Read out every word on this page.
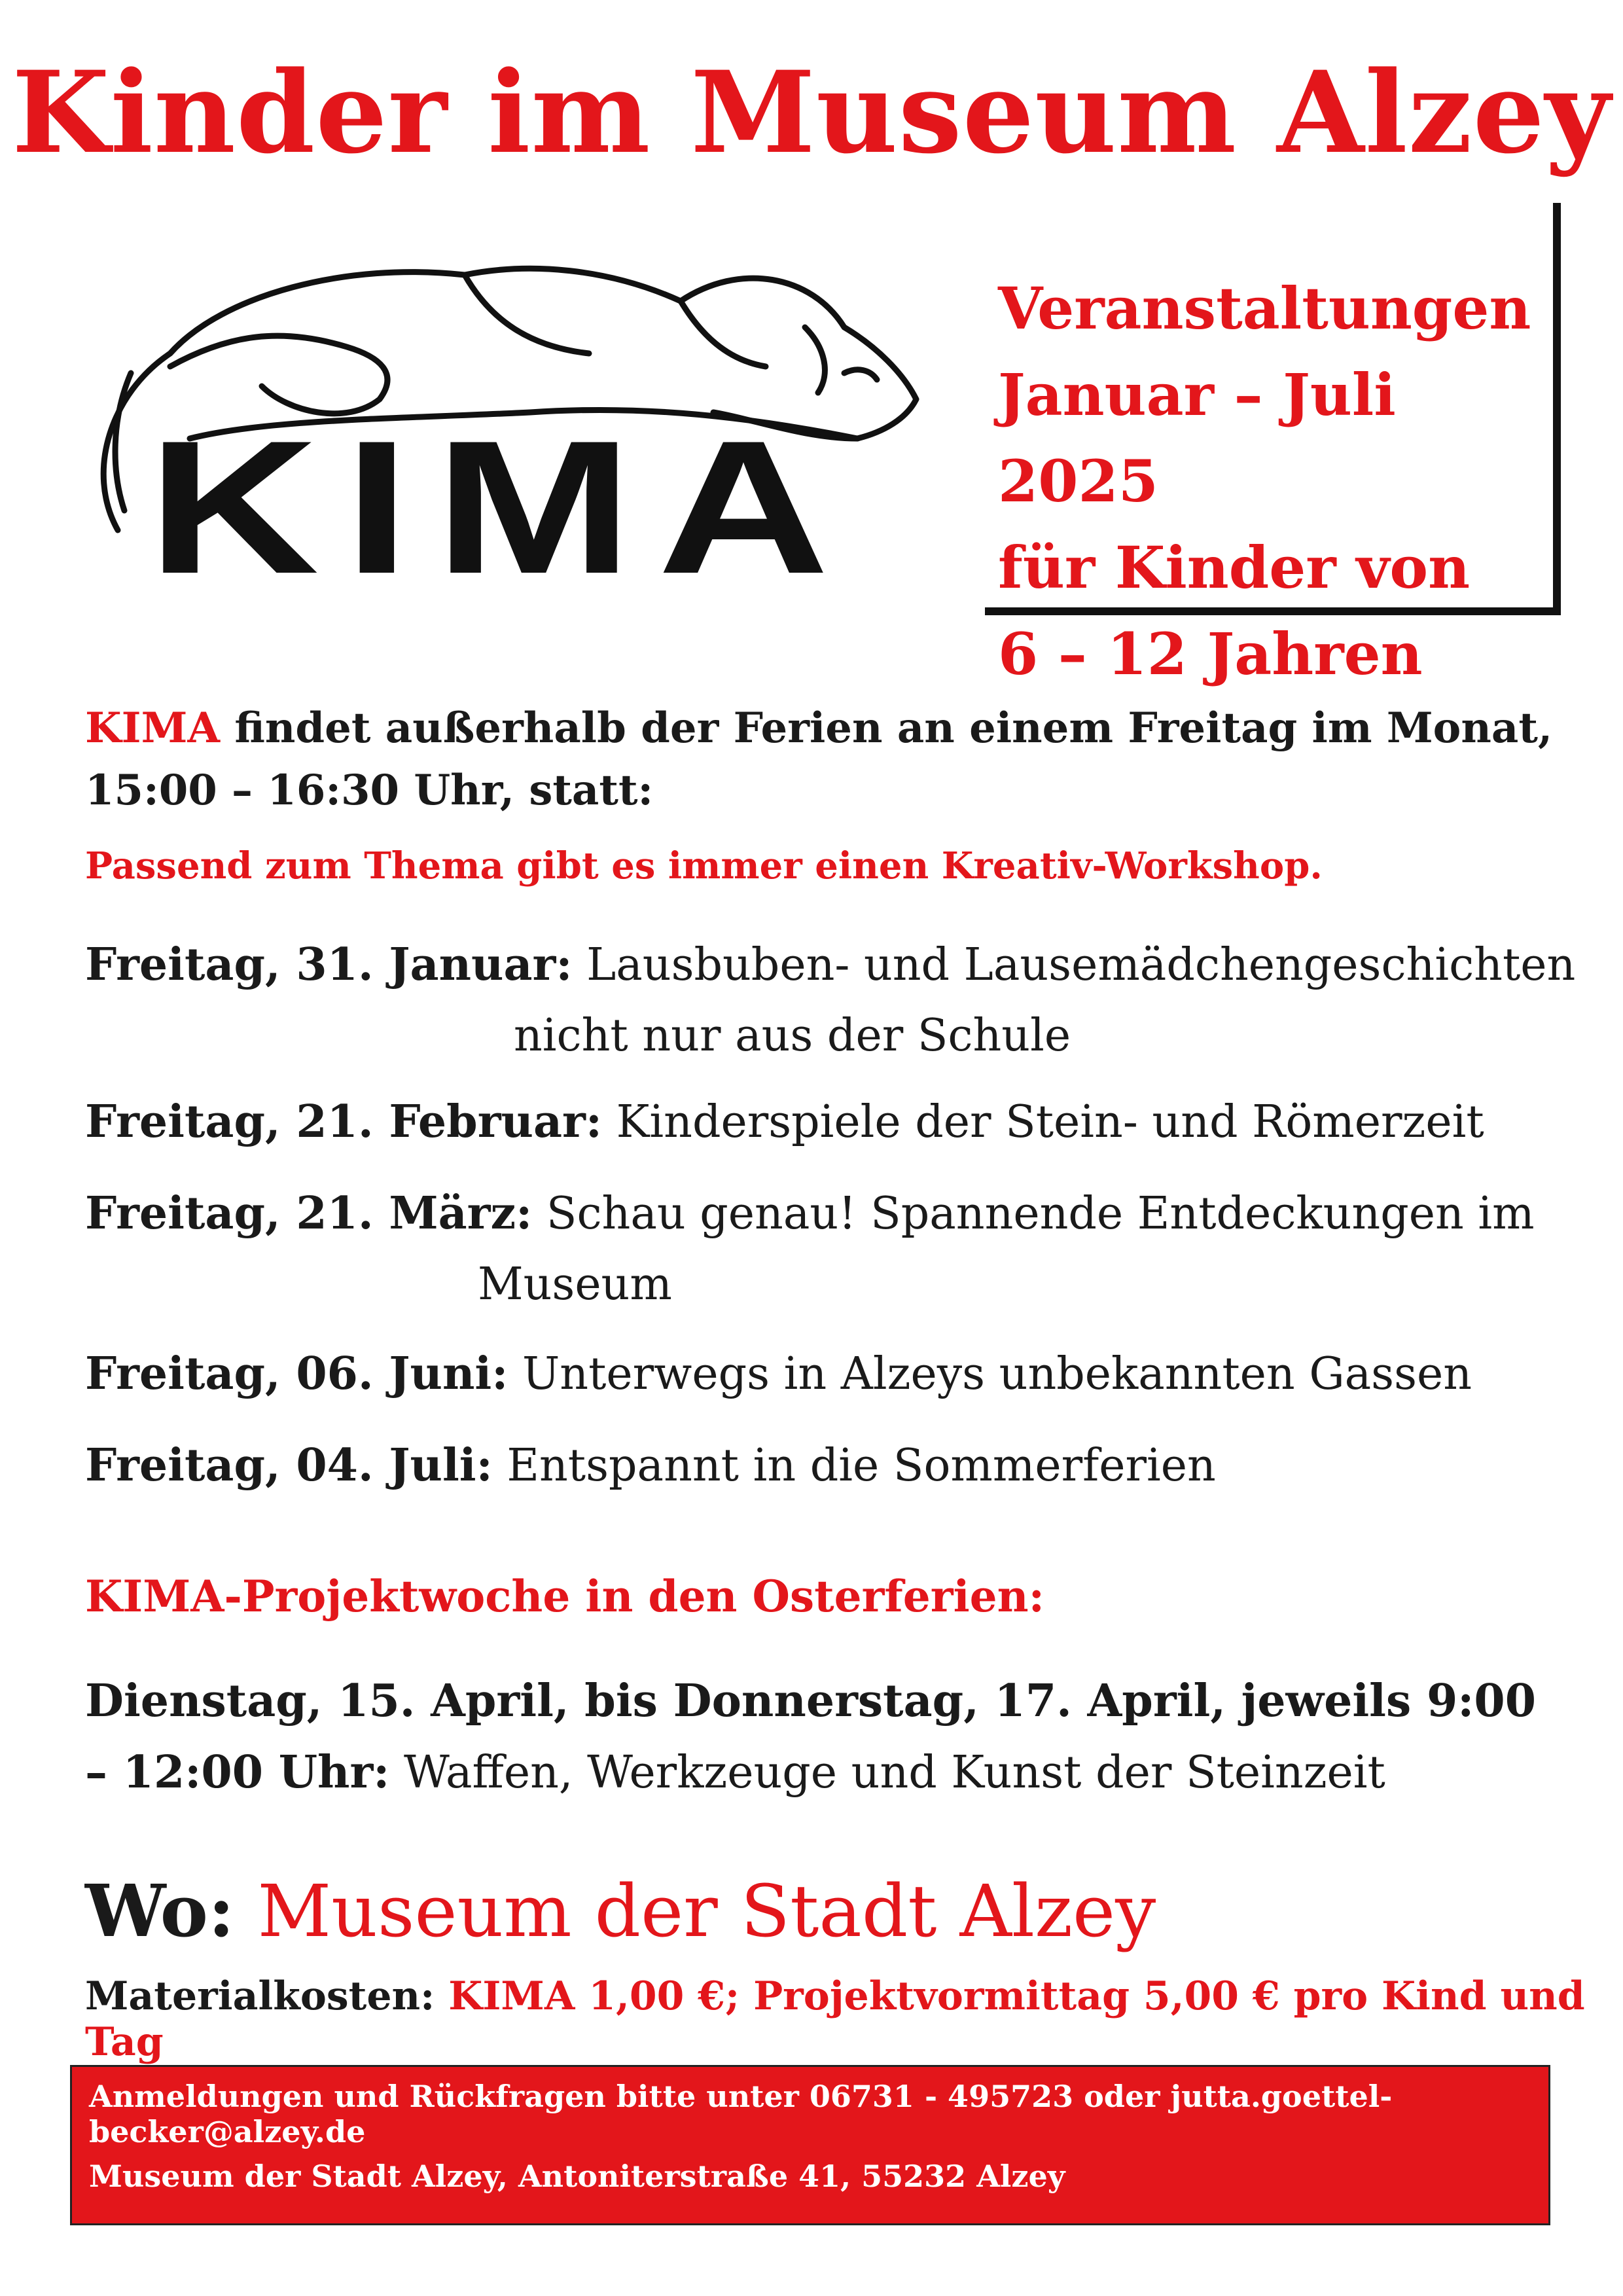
Kinder im Museum Alzey
KIMA
Veranstaltungen
Januar – Juli 2025
für Kinder von
6 – 12 Jahren
KIMA findet außerhalb der Ferien an einem Freitag im Monat, 15:00 – 16:30 Uhr, statt:
Passend zum Thema gibt es immer einen Kreativ-Workshop.
Freitag, 31. Januar: Lausbuben- und Lausemädchengeschichten
nicht nur aus der Schule
Freitag, 21. Februar: Kinderspiele der Stein- und Römerzeit
Freitag, 21. März: Schau genau! Spannende Entdeckungen im
Museum
Freitag, 06. Juni: Unterwegs in Alzeys unbekannten Gassen
Freitag, 04. Juli: Entspannt in die Sommerferien
KIMA-Projektwoche in den Osterferien:
Dienstag, 15. April, bis Donnerstag, 17. April, jeweils 9:00 – 12:00 Uhr: Waffen, Werkzeuge und Kunst der Steinzeit
Wo: Museum der Stadt Alzey
Materialkosten: KIMA 1,00 €; Projektvormittag 5,00 € pro Kind und Tag
Anmeldungen und Rückfragen bitte unter 06731 - 495723 oder jutta.goettel-becker@alzey.de
Museum der Stadt Alzey, Antoniterstraße 41, 55232 Alzey
